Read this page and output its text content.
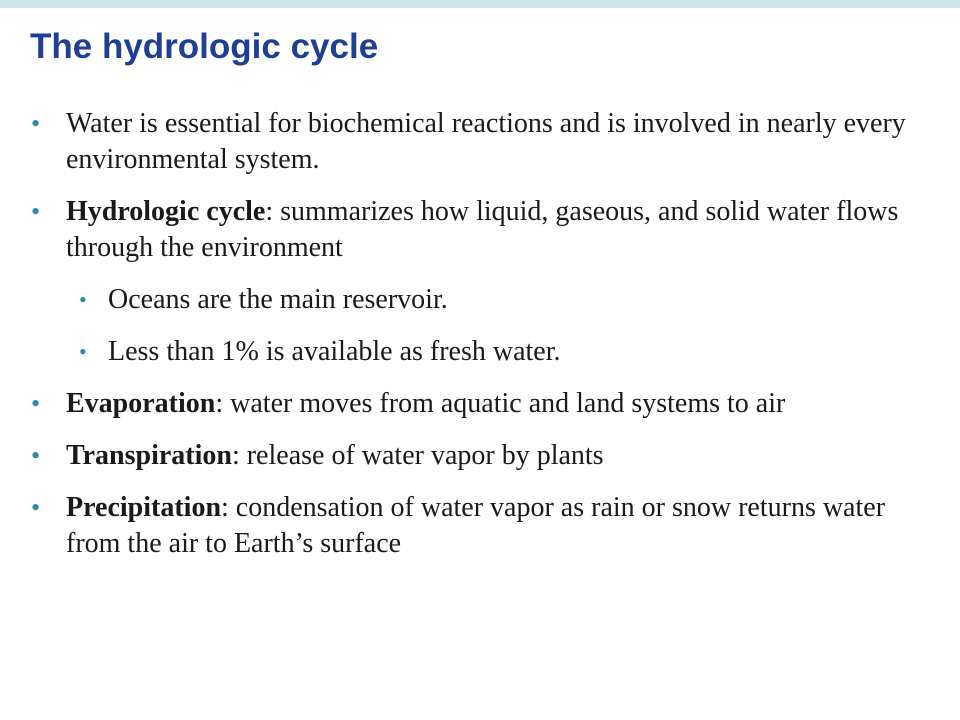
The hydrologic cycle
• Water is essential for biochemical reactions and is involved in nearly every environmental system.
• Hydrologic cycle: summarizes how liquid, gaseous, and solid water flows through the environment
• Oceans are the main reservoir.
• Less than 1% is available as fresh water.
• Evaporation: water moves from aquatic and land systems to air
• Transpiration: release of water vapor by plants
• Precipitation: condensation of water vapor as rain or snow returns water from the air to Earth’s surface
